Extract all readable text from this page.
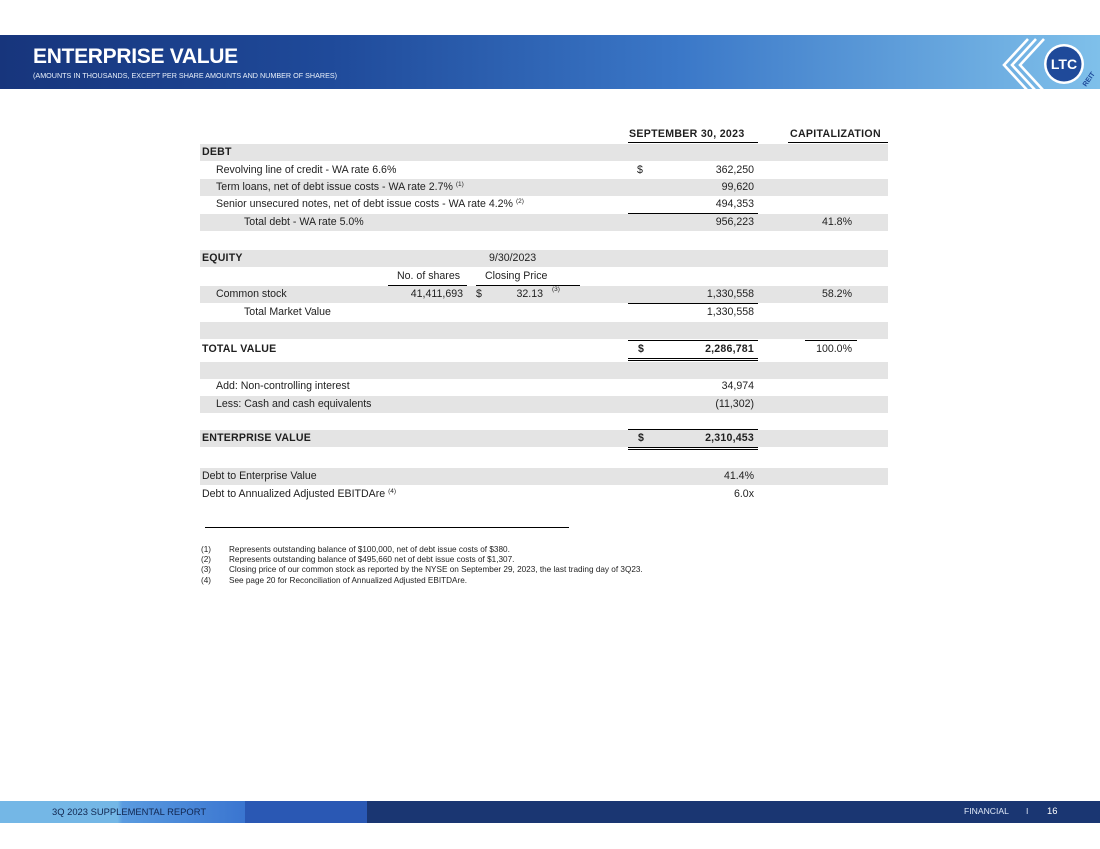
ENTERPRISE VALUE
(AMOUNTS IN THOUSANDS, EXCEPT PER SHARE AMOUNTS AND NUMBER OF SHARES)
LTC
REIT
SEPTEMBER 30, 2023	CAPITALIZATION
DEBT
Revolving line of credit - WA rate 6.6%	$	362,250
Term loans, net of debt issue costs - WA rate 2.7% $^{(1)}$	99,620
Senior unsecured notes, net of debt issue costs - WA rate 4.2% $^{(2)}$	494,353
Total debt - WA rate 5.0%	956,223	41.8%
EQUITY	9/30/2023
No. of shares Closing Price
Common stock	41,411,693 $	32.13 $^{(3)}$	1,330,558	58.2%
Total Market Value	1,330,558
TOTAL VALUE	$	2,286,781	100.0%
Add: Non-controlling interest	34,974
Less: Cash and cash equivalents	(11,302)
ENTERPRISE VALUE	$	2,310,453
Debt to Enterprise Value	41.4%
Debt to Annualized Adjusted EBITDAre $^{(4)}$	6.0x
(1) Represents outstanding balance of $100,000, net of debt issue costs of $380.
(2) Represents outstanding balance of $495,660 net of debt issue costs of $1,307.
(3) Closing price of our common stock as reported by the NYSE on September 29, 2023, the last trading day of 3Q23.
(4) See page 20 for Reconciliation of Annualized Adjusted EBITDAre.
3Q 2023 SUPPLEMENTAL REPORT	FINANCIAL I 16
